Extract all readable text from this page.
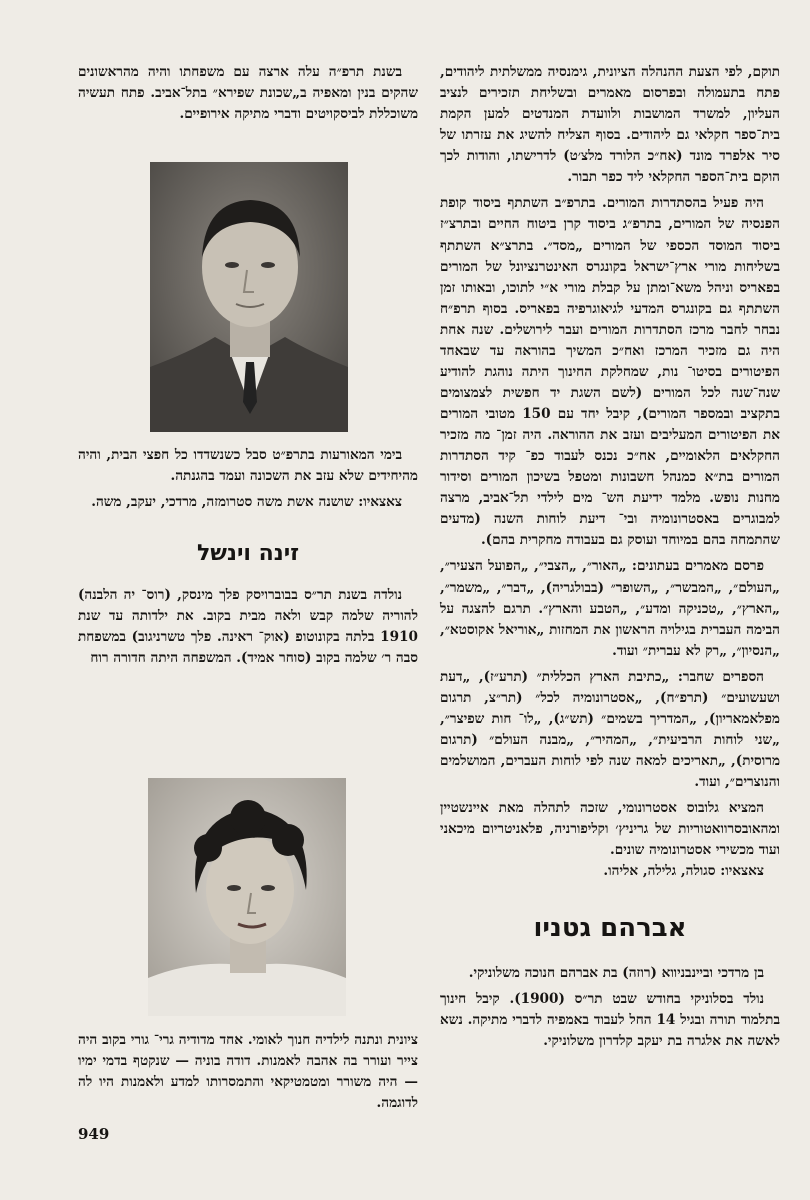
תוקם, לפי הצעת ההנהלה הציונית, גימנסיה ממשלתית ליהודים, פתח בתעמולה ובפרסום מאמרים ובשליחת תזכירים לנציב העליון, למשרד המושבות ולוועדת המנדטים למען הקמת בית־ספר חקלאי גם ליהודים. בסוף הצליח להשיג את עזרתו של סיר אלפרד מונד (אח״כ הלורד מלצ׳ט) לדרישתו, והודות לכך הוקם בית־הספר החקלאי ליד כפר תבור.

היה פעיל בהסתדרות המורים. בתרפ״ב השתתף ביסוד קופת הפנסיה של המורים, בתרפ״ג ביסוד קרן ביטוח החיים ובתרצ״ז ביסוד המוסד הכספי של המורים „מסד״. בתרצ״א השתתף בשליחות מורי ארץ־ישראל בקונגרס האינטרנציונל של המורים בפאריס וניהל משא־ומתן על קבלת מורי א״י לתוכו, ובאותו זמן השתתף גם בקונגרס המדעי לגיאוגרפיה בפאריס. בסוף תרפ״ח נבחר לחבר מרכז הסתדרות המורים ועבר לירושלים. שנה אחת היה גם מזכיר המרכז ואח״כ המשיך בהוראה עד שבאחד הפיטורים בסיטו־ נות, שמחלקת החינוך היתה נוהגת להודיע שנה־שנה לכל המורים (לשם השגת יד חפשית לצמצומים בתקציב ובמספר המורים), קיבל יחד עם 150 מטובי המורים את הפיטורים המעליבים ועזב את ההוראה. היה זמן־ מה מזכיר החקלאים הלאומיים, אח״כ נכנס לעבוד כפ־ קיד הסתדרות המורים בת״א כמנהל חשבונות ומטפל בשיכון המורים וסידור מחנות נופש. מלמד ידיעת הש־ מים לילדי תל־אביב, מרצה למבוגרים באסטרונומיה ובי־ דיעת לוחות השנה (מדעים שהתמחה בהם במיוחד ועוסק גם בעבודה מחקרית בהם).

פרסם מאמרים בעתונים: „האור״, „הצבי״, „הפועל הצעיר״, „העולם״, „המבשר״, „השופר״ (בבולגריה), „דבר״, „משמר״, „הארץ״, „טכניקה ומדע״, „הטבע והארץ״. תרגם להצגה על הבימה העברית בגילויה הראשון את המחזות „אוריאל אקוסטא״, „הנסיון״, „רק לא עברית״ ועוד.

הספרים שחבר: „כתיבת הארץ הכללית״ (תרע״ז), „דעת ושעשועים״ (תרפ״ח), „אסטרונומיה לכל״ (תר״צ, תרגום מפלאמאריון), „המדריך בשמים״ (תש״ג), „לו־ חות שפיצר״, „שני לוחות הרביעית״, „המהיר״, „מבנה העולם״ (תרגום מרוסית), „תאריכים למאה שנה לפי לוחות העברים, המושלמים והנוצרים״, ועוד.

המציא גלובוס אסטרונומי, שזכה לתהלה מאת איינשטיין ומהאובסרוואטוריות של גריניץ׳ וקליפורניה, פלאניטריום מיכאני ועוד מכשירי אסטרונומיה שונים.

צאצאיו: סגולה, גלילה, אליהו.

אברהם גטניו

בן מרדכי ובײנבניװא (רוזה) בת אברהם חנוכה משלוניקי.

נולד בסלוניקי בחודש שבט תר״ס (1900). קיבל חינוך בתלמוד תורה ובגיל 14 החל לעבוד באמפיה לדברי מתיקה. נשא לאשה את אלגרה בת יעקב קלדרון משלוניקי.

בשנת תרפ״ה עלה ארצה עם משפחתו והיה מהראשונים שהקים בנין ומאפיה ב„שכונת שפירא״ בתל־אביב. פתח תעשיה משוכללת לביסקויטים ודברי מתיקה אירופיים.

בימי המאורעות בתרפ״ט סבל כשנשדדו כל חפצי הבית, והיה מהיחידים שלא עזב את השכונה ועמד בהגנתה.

צאצאיו: שושנה אשת משה סטרומזה, מרדכי, יעקב, משה.

זינה וינשל

נולדה בשנת תר״ס בבוברויסק פלך מינסק, (רוס־ יה הלבנה) להוריה שלמה קבש ולאה מבית בקוב. את ילדותה עד שנת 1910 בלתה בקונוטופ (אוק־ ראינה. פלך טשרניגוב) במשפחת סבה ר׳ שלמה בקוב (סוחר אמיד). המשפחה היתה חדורה רוח

ציונית ונתנה לילדיה חנוך לאומי. אחד מדודיה גרי־ גורי בקוב היה צייר ועורר בה אהבה לאמנות. דודה בוניה — שנקטף בדמי ימיו — היה משורר ומטמטיקאי והתמסרותו למדע ולאמנות היו לה לדוגמה.

949
